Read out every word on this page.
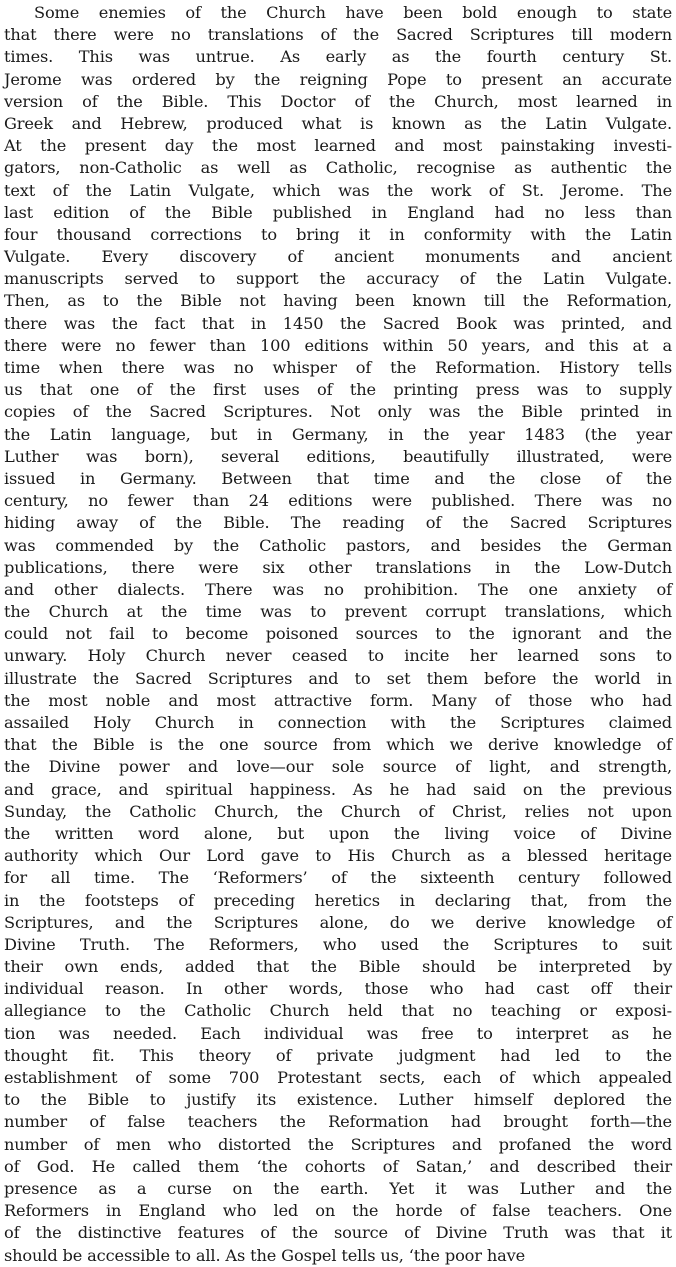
Some enemies of the Church have been bold enough to state
that there were no translations of the Sacred Scriptures till modern
times. This was untrue. As early as the fourth century St.
Jerome was ordered by the reigning Pope to present an accurate
version of the Bible. This Doctor of the Church, most learned in
Greek and Hebrew, produced what is known as the Latin Vulgate.
At the present day the most learned and most painstaking investi-
gators, non-Catholic as well as Catholic, recognise as authentic the
text of the Latin Vulgate, which was the work of St. Jerome. The
last edition of the Bible published in England had no less than
four thousand corrections to bring it in conformity with the Latin
Vulgate. Every discovery of ancient monuments and ancient
manuscripts served to support the accuracy of the Latin Vulgate.
Then, as to the Bible not having been known till the Reformation,
there was the fact that in 1450 the Sacred Book was printed, and
there were no fewer than 100 editions within 50 years, and this at a
time when there was no whisper of the Reformation. History tells
us that one of the first uses of the printing press was to supply
copies of the Sacred Scriptures. Not only was the Bible printed in
the Latin language, but in Germany, in the year 1483 (the year
Luther was born), several editions, beautifully illustrated, were
issued in Germany. Between that time and the close of the
century, no fewer than 24 editions were published. There was no
hiding away of the Bible. The reading of the Sacred Scriptures
was commended by the Catholic pastors, and besides the German
publications, there were six other translations in the Low-Dutch
and other dialects. There was no prohibition. The one anxiety of
the Church at the time was to prevent corrupt translations, which
could not fail to become poisoned sources to the ignorant and the
unwary. Holy Church never ceased to incite her learned sons to
illustrate the Sacred Scriptures and to set them before the world in
the most noble and most attractive form. Many of those who had
assailed Holy Church in connection with the Scriptures claimed
that the Bible is the one source from which we derive knowledge of
the Divine power and love—our sole source of light, and strength,
and grace, and spiritual happiness. As he had said on the previous
Sunday, the Catholic Church, the Church of Christ, relies not upon
the written word alone, but upon the living voice of Divine
authority which Our Lord gave to His Church as a blessed heritage
for all time. The ‘Reformers’ of the sixteenth century followed
in the footsteps of preceding heretics in declaring that, from the
Scriptures, and the Scriptures alone, do we derive knowledge of
Divine Truth. The Reformers, who used the Scriptures to suit
their own ends, added that the Bible should be interpreted by
individual reason. In other words, those who had cast off their
allegiance to the Catholic Church held that no teaching or exposi-
tion was needed. Each individual was free to interpret as he
thought fit. This theory of private judgment had led to the
establishment of some 700 Protestant sects, each of which appealed
to the Bible to justify its existence. Luther himself deplored the
number of false teachers the Reformation had brought forth—the
number of men who distorted the Scriptures and profaned the word
of God. He called them ‘the cohorts of Satan,’ and described their
presence as a curse on the earth. Yet it was Luther and the
Reformers in England who led on the horde of false teachers. One
of the distinctive features of the source of Divine Truth was that it
should be accessible to all. As the Gospel tells us, ‘the poor have
